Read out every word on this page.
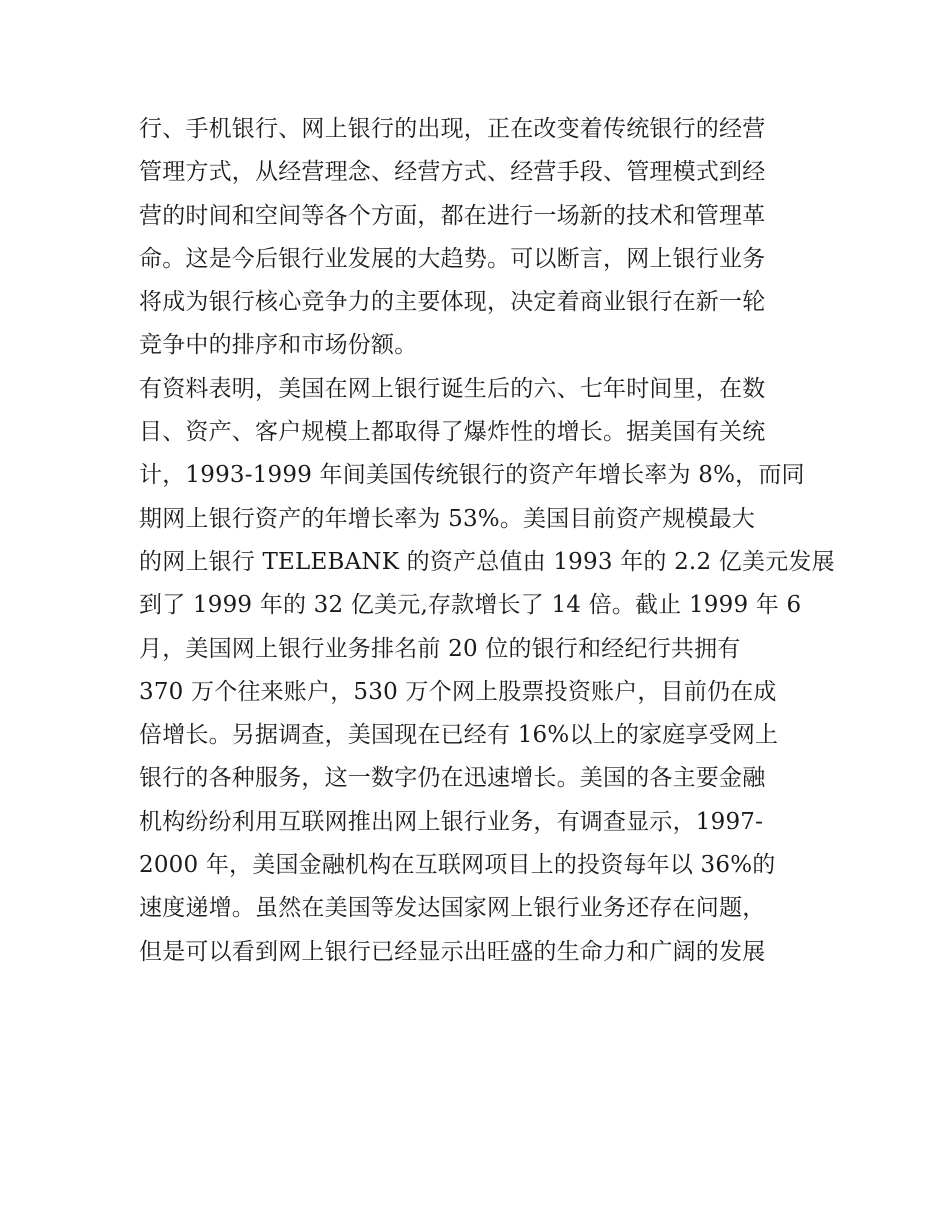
行、手机银行、网上银行的出现，正在改变着传统银行的经营
管理方式，从经营理念、经营方式、经营手段、管理模式到经
营的时间和空间等各个方面，都在进行一场新的技术和管理革
命。这是今后银行业发展的大趋势。可以断言，网上银行业务
将成为银行核心竞争力的主要体现，决定着商业银行在新一轮
竞争中的排序和市场份额。
有资料表明，美国在网上银行诞生后的六、七年时间里，在数
目、资产、客户规模上都取得了爆炸性的增长。据美国有关统
计，1993-1999 年间美国传统银行的资产年增长率为 8%，而同
期网上银行资产的年增长率为 53%。美国目前资产规模最大
的网上银行 TELEBANK 的资产总值由 1993 年的 2.2 亿美元发展
到了 1999 年的 32 亿美元,存款增长了 14 倍。截止 1999 年 6
月，美国网上银行业务排名前 20 位的银行和经纪行共拥有
370 万个往来账户，530 万个网上股票投资账户，目前仍在成
倍增长。另据调查，美国现在已经有 16%以上的家庭享受网上
银行的各种服务，这一数字仍在迅速增长。美国的各主要金融
机构纷纷利用互联网推出网上银行业务，有调查显示，1997-
2000 年，美国金融机构在互联网项目上的投资每年以 36%的
速度递增。虽然在美国等发达国家网上银行业务还存在问题，
但是可以看到网上银行已经显示出旺盛的生命力和广阔的发展
